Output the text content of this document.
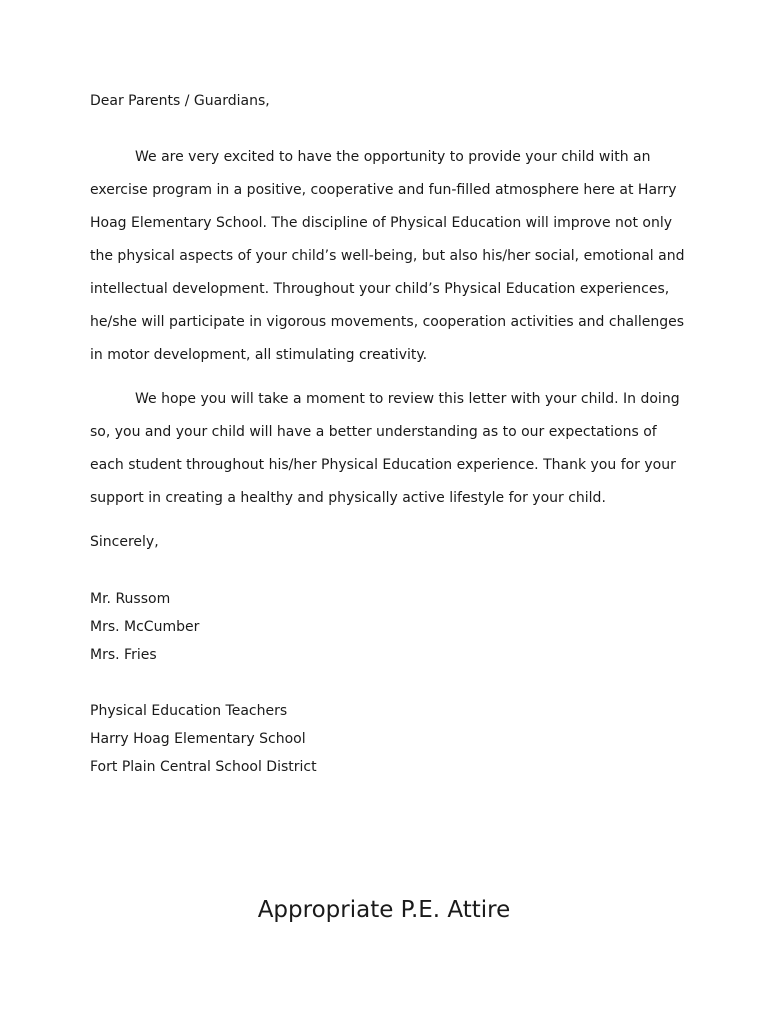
Dear Parents / Guardians,
We are very excited to have the opportunity to provide your child with an
exercise program in a positive, cooperative and fun-filled atmosphere here at Harry
Hoag Elementary School. The discipline of Physical Education will improve not only
the physical aspects of your child’s well-being, but also his/her social, emotional and
intellectual development. Throughout your child’s Physical Education experiences,
he/she will participate in vigorous movements, cooperation activities and challenges
in motor development, all stimulating creativity.
We hope you will take a moment to review this letter with your child. In doing
so, you and your child will have a better understanding as to our expectations of
each student throughout his/her Physical Education experience. Thank you for your
support in creating a healthy and physically active lifestyle for your child.
Sincerely,
Mr. Russom
Mrs. McCumber
Mrs. Fries
Physical Education Teachers
Harry Hoag Elementary School
Fort Plain Central School District
Appropriate P.E. Attire
